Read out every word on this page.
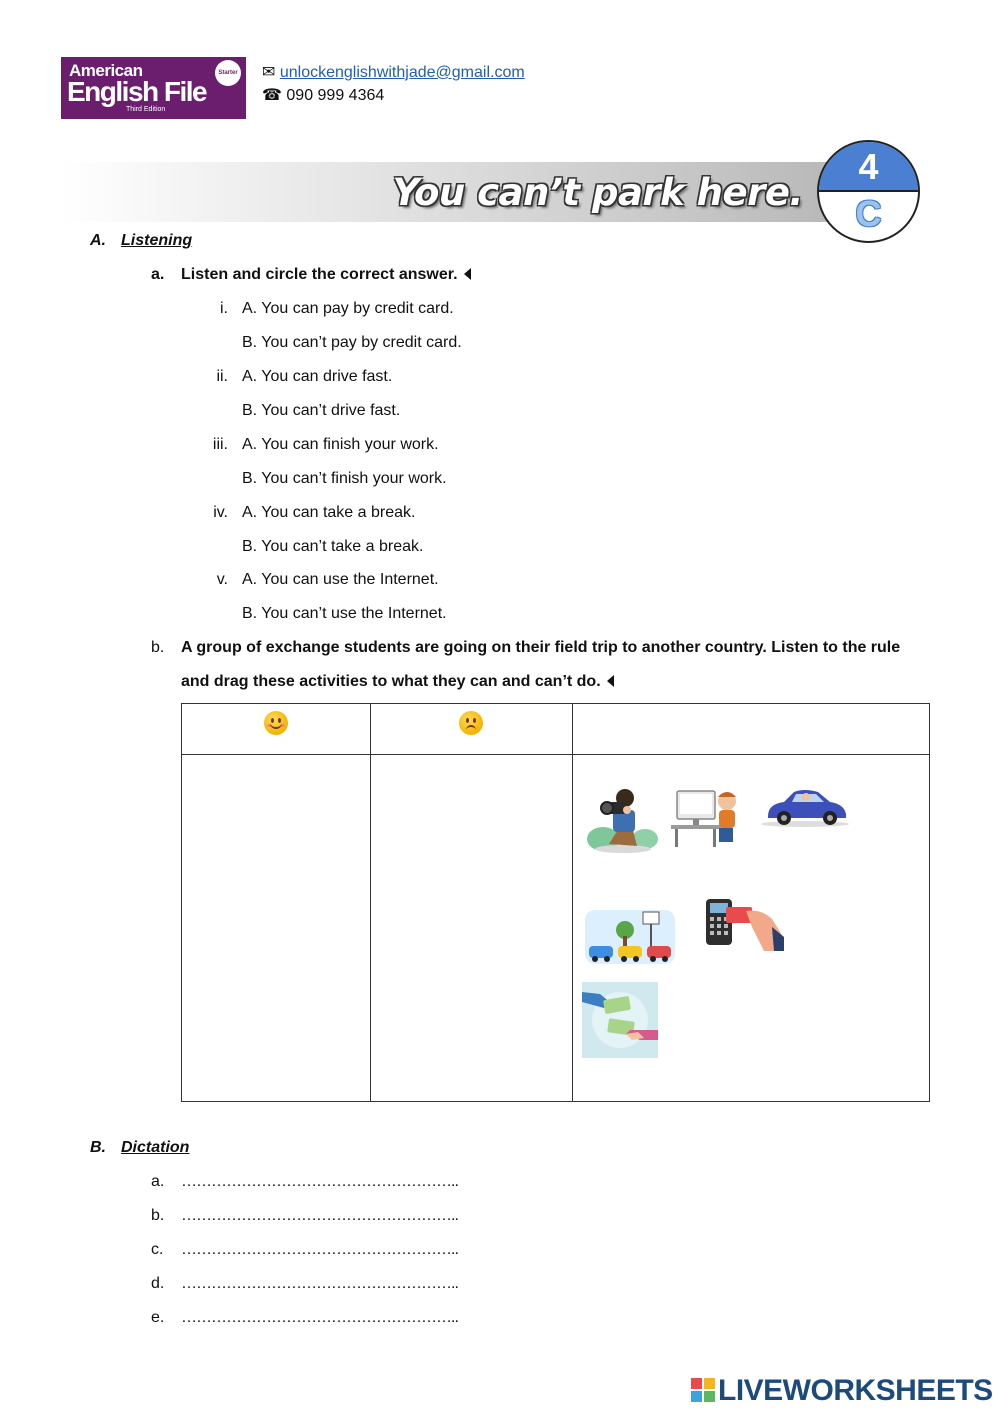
American
English File
Third Edition
Starter ✉ unlockenglishwithjade@gmail.com
☎ 090 999 4364
You can’t park here.
4
C
A. Listening
a. Listen and circle the correct answer.
i. A. You can pay by credit card.
B. You can’t pay by credit card.
ii. A. You can drive fast.
B. You can’t drive fast.
iii. A. You can finish your work.
B. You can’t finish your work.
iv. A. You can take a break.
B. You can’t take a break.
v. A. You can use the Internet.
B. You can’t use the Internet.
b. A group of exchange students are going on their field trip to another country. Listen to the rule
and drag these activities to what they can and can’t do.
B. Dictation
a. ………………………………………………..
b. ………………………………………………..
c. ………………………………………………..
d. ………………………………………………..
e. ………………………………………………..
LIVEWORKSHEETS
